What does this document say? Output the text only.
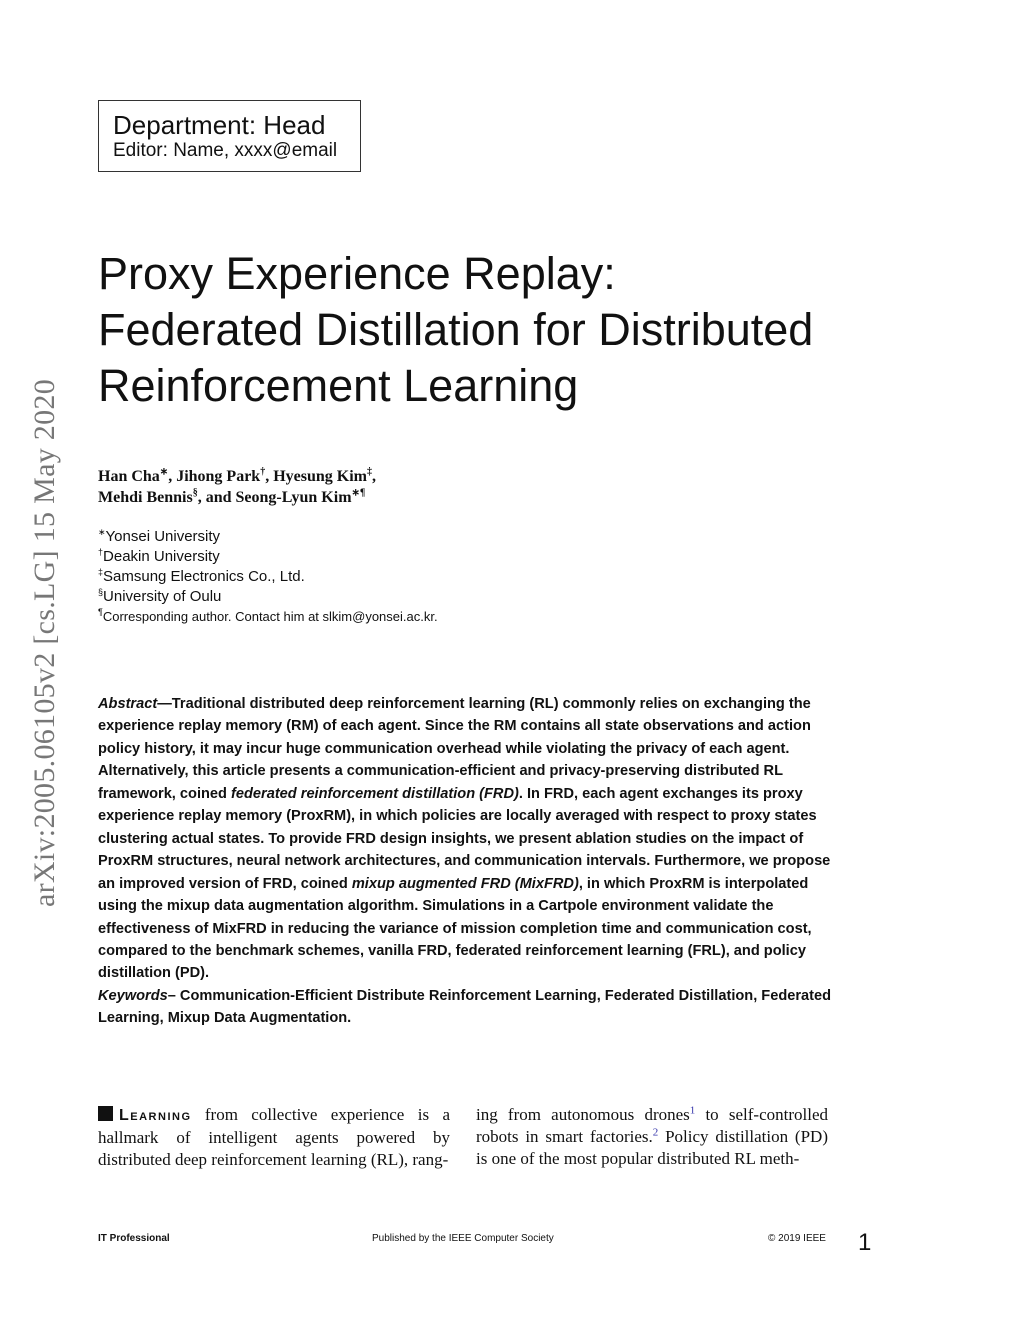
arXiv:2005.06105v2 [cs.LG] 15 May 2020
Department: Head
Editor: Name, xxxx@email
Proxy Experience Replay:
Federated Distillation for Distributed
Reinforcement Learning
Han Cha∗, Jihong Park†, Hyesung Kim‡,
Mehdi Bennis§, and Seong-Lyun Kim∗¶
∗Yonsei University
†Deakin University
‡Samsung Electronics Co., Ltd.
§University of Oulu
¶Corresponding author. Contact him at slkim@yonsei.ac.kr.

Abstract—Traditional distributed deep reinforcement learning (RL) commonly relies on exchanging the experience replay memory (RM) of each agent. Since the RM contains all state observations and action policy history, it may incur huge communication overhead while violating the privacy of each agent. Alternatively, this article presents a communication-efficient and privacy-preserving distributed RL framework, coined federated reinforcement distillation (FRD). In FRD, each agent exchanges its proxy experience replay memory (ProxRM), in which policies are locally averaged with respect to proxy states clustering actual states. To provide FRD design insights, we present ablation studies on the impact of ProxRM structures, neural network architectures, and communication intervals. Furthermore, we propose an improved version of FRD, coined mixup augmented FRD (MixFRD), in which ProxRM is interpolated using the mixup data augmentation algorithm. Simulations in a Cartpole environment validate the effectiveness of MixFRD in reducing the variance of mission completion time and communication cost, compared to the benchmark schemes, vanilla FRD, federated reinforcement learning (FRL), and policy distillation (PD).

Keywords– Communication-Efficient Distribute Reinforcement Learning, Federated Distillation, Federated Learning, Mixup Data Augmentation.

Learning from collective experience is a hallmark of intelligent agents powered by distributed deep reinforcement learning (RL), rang-
ing from autonomous drones$^1$ to self-controlled robots in smart factories.$^2$ Policy distillation (PD) is one of the most popular distributed RL meth-
IT Professional	Published by the IEEE Computer Society	© 2019 IEEE 1
